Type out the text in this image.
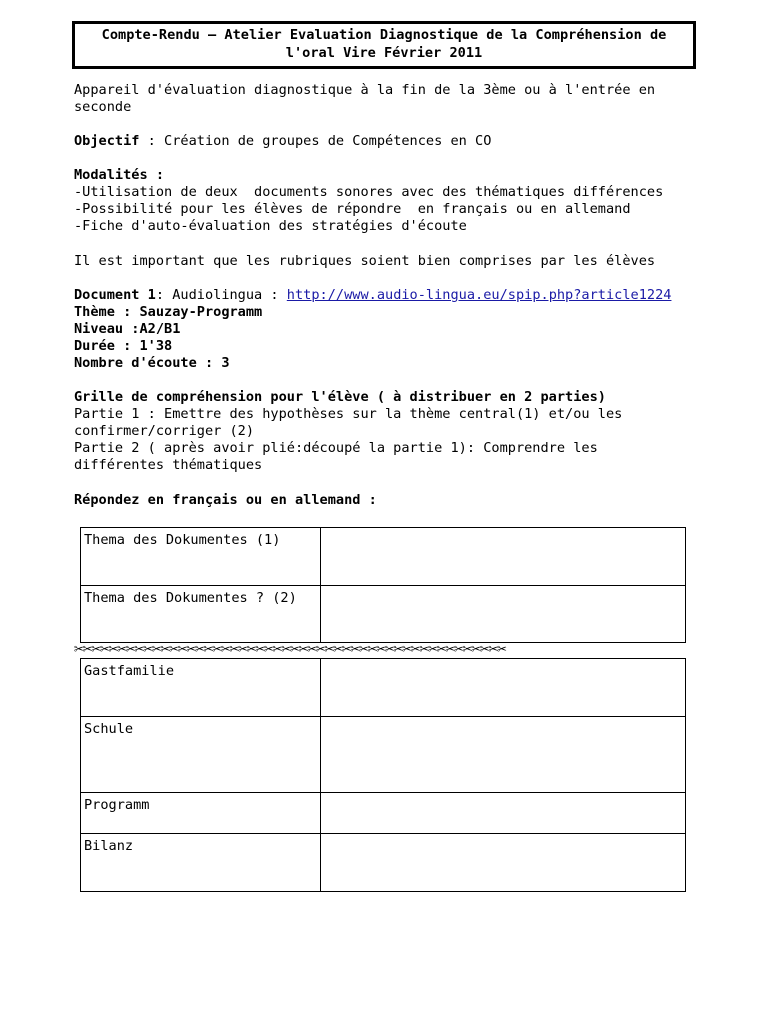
Compte-Rendu – Atelier Evaluation Diagnostique de la Compréhension de
l'oral Vire Février 2011
Appareil d'évaluation diagnostique à la fin de la 3ème ou à l'entrée en
seconde
Objectif : Création de groupes de Compétences en CO
Modalités :
-Utilisation de deux  documents sonores avec des thématiques différences
-Possibilité pour les élèves de répondre  en français ou en allemand
-Fiche d'auto-évaluation des stratégies d'écoute
Il est important que les rubriques soient bien comprises par les élèves
Document 1: Audiolingua : http://www.audio-lingua.eu/spip.php?article1224
Thème : Sauzay-Programm
Niveau :A2/B1
Durée : 1'38
Nombre d'écoute : 3
Grille de compréhension pour l'élève ( à distribuer en 2 parties)
Partie 1 : Emettre des hypothèses sur la thème central(1) et/ou les
confirmer/corriger (2)
Partie 2 ( après avoir plié:découpé la partie 1): Comprendre les
différentes thématiques
Répondez en français ou en allemand :
Thema des Dokumentes (1)	
Thema des Dokumentes ? (2)	
✂✂✂✂✂✂✂✂✂✂✂✂✂✂✂✂✂✂✂✂✂✂✂✂✂✂✂✂✂✂✂✂✂✂✂✂✂✂✂✂✂✂✂✂✂✂✂✂✂✂
Gastfamilie	
Schule	
Programm	
Bilanz	
